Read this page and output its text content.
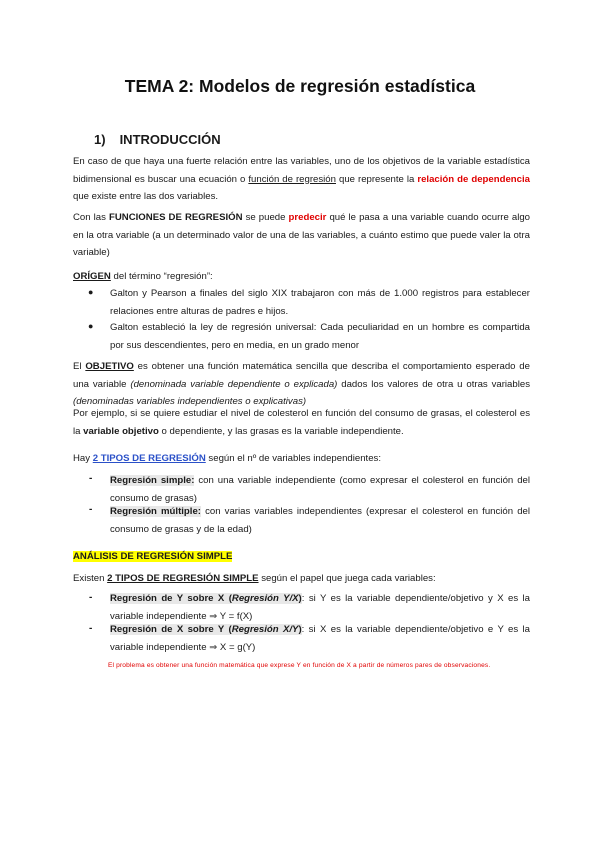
TEMA 2: Modelos de regresión estadística
1) INTRODUCCIÓN
En caso de que haya una fuerte relación entre las variables, uno de los objetivos de la variable estadística bidimensional es buscar una ecuación o función de regresión que represente la relación de dependencia que existe entre las dos variables.
Con las FUNCIONES DE REGRESIÓN se puede predecir qué le pasa a una variable cuando ocurre algo en la otra variable (a un determinado valor de una de las variables, a cuánto estimo que puede valer la otra variable)
ORÍGEN del término “regresión”:
● Galton y Pearson a finales del siglo XIX trabajaron con más de 1.000 registros para establecer relaciones entre alturas de padres e hijos.
● Galton estableció la ley de regresión universal: Cada peculiaridad en un hombre es compartida por sus descendientes, pero en media, en un grado menor
El OBJETIVO es obtener una función matemática sencilla que describa el comportamiento esperado de una variable (denominada variable dependiente o explicada) dados los valores de otra u otras variables (denominadas variables independientes o explicativas)
Por ejemplo, si se quiere estudiar el nivel de colesterol en función del consumo de grasas, el colesterol es la variable objetivo o dependiente, y las grasas es la variable independiente.
Hay 2 TIPOS DE REGRESIÓN según el nº de variables independientes:
- Regresión simple: con una variable independiente (como expresar el colesterol en función del consumo de grasas)
- Regresión múltiple: con varias variables independientes (expresar el colesterol en función del consumo de grasas y de la edad)
ANÁLISIS DE REGRESIÓN SIMPLE
Existen 2 TIPOS DE REGRESIÓN SIMPLE según el papel que juega cada variables:
- Regresión de Y sobre X (Regresión Y/X): si Y es la variable dependiente/objetivo y X es la variable independiente ⇒ Y = f(X)
- Regresión de X sobre Y (Regresión X/Y): si X es la variable dependiente/objetivo e Y es la variable independiente ⇒ X = g(Y)
El problema es obtener una función matemática que exprese Y en función de X a partir de números pares de observaciones.
